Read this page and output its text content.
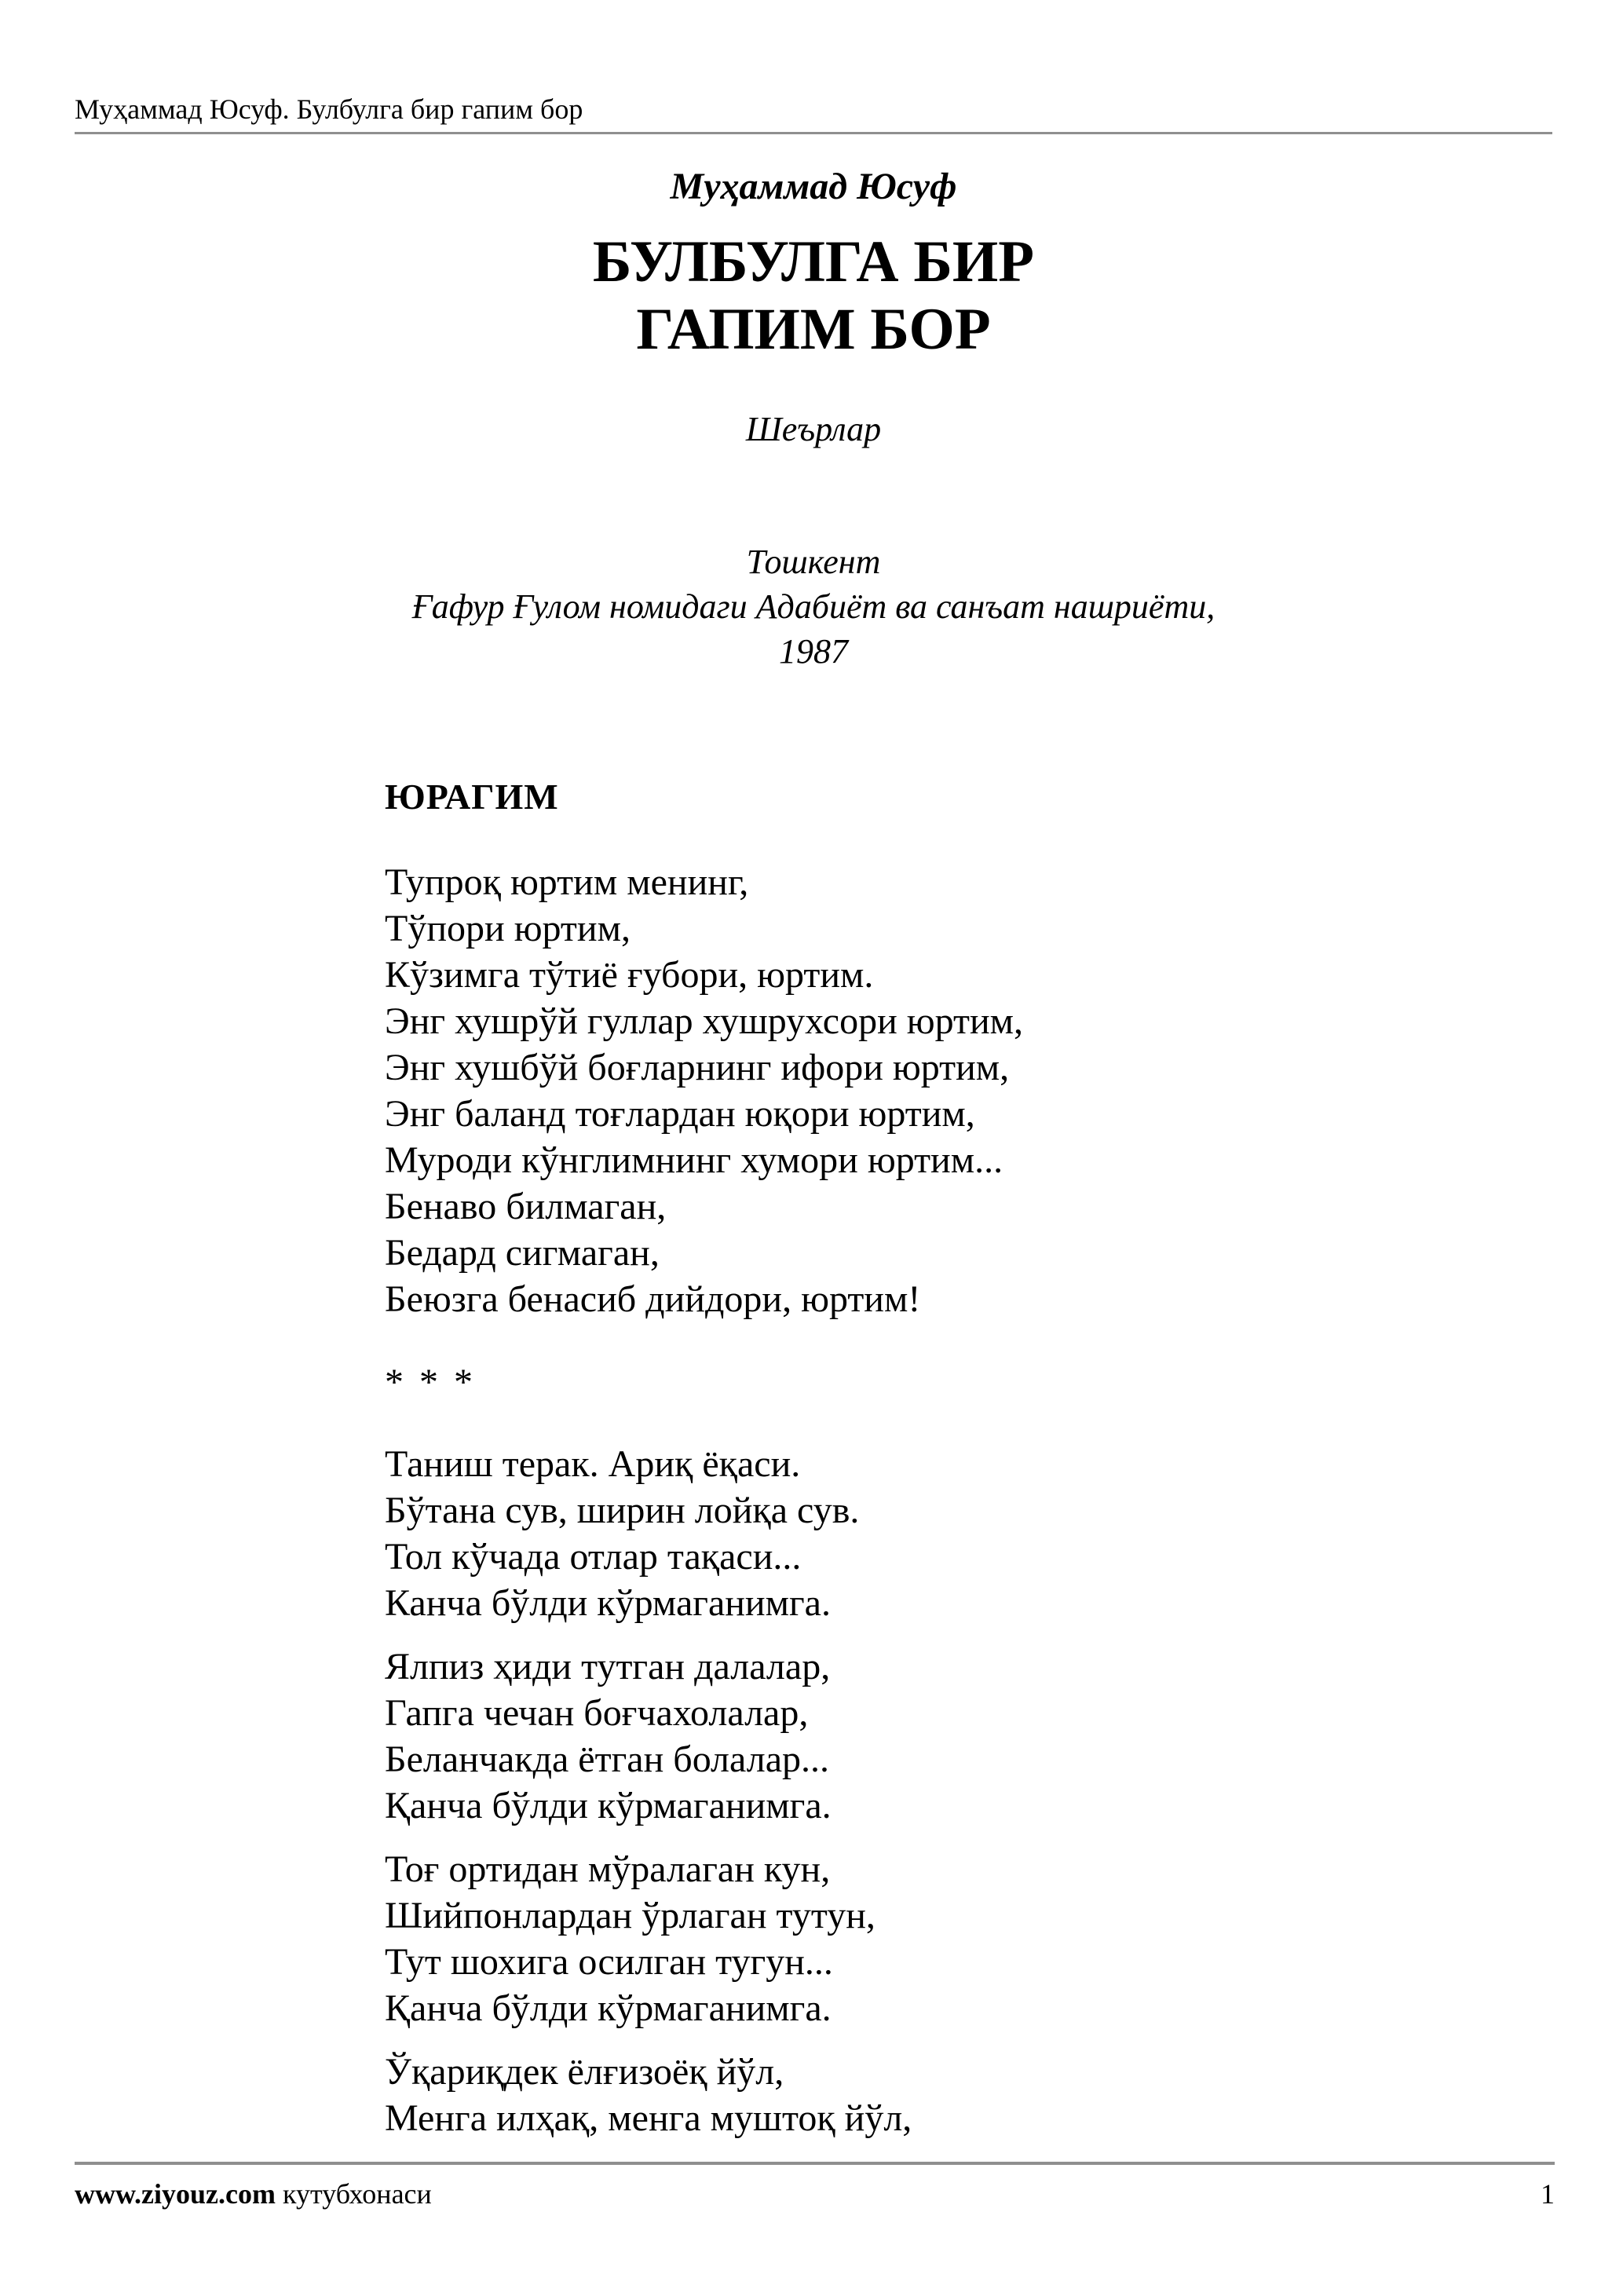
Муҳаммад Юсуф. Булбулга бир гапим бор
Муҳаммад Юсуф
БУЛБУЛГА БИР
ГАПИМ БОР
Шеърлар
Тошкент
Ғафур Ғулом номидаги Адабиёт ва санъат нашриёти,
1987
ЮРАГИМ
Тупроқ юртим менинг,
Тўпори юртим,
Кўзимга тўтиё ғубори, юртим.
Энг хушрўй гуллар хушрухсори юртим,
Энг хушбўй боғларнинг ифори юртим,
Энг баланд тоғлардан юқори юртим,
Муроди кўнглимнинг хумори юртим...
Бенаво билмаган,
Бедард сигмаган,
Беюзга бенасиб дийдори, юртим!
* * *
Таниш терак. Ариқ ёқаси.
Бўтана сув, ширин лойқа сув.
Тол кўчада отлар тақаси...
Канча бўлди кўрмаганимга.
Ялпиз ҳиди тутган далалар,
Гапга чечан боғчахолалар,
Беланчакда ётган болалар...
Қанча бўлди кўрмаганимга.
Тоғ ортидан мўралаган кун,
Шийпонлардан ўрлаган тутун,
Тут шохига осилган тугун...
Қанча бўлди кўрмаганимга.
Ўқариқдек ёлғизоёқ йўл,
Менга илҳақ, менга муштоқ йўл,
www.ziyouz.com кутубхонаси	1
